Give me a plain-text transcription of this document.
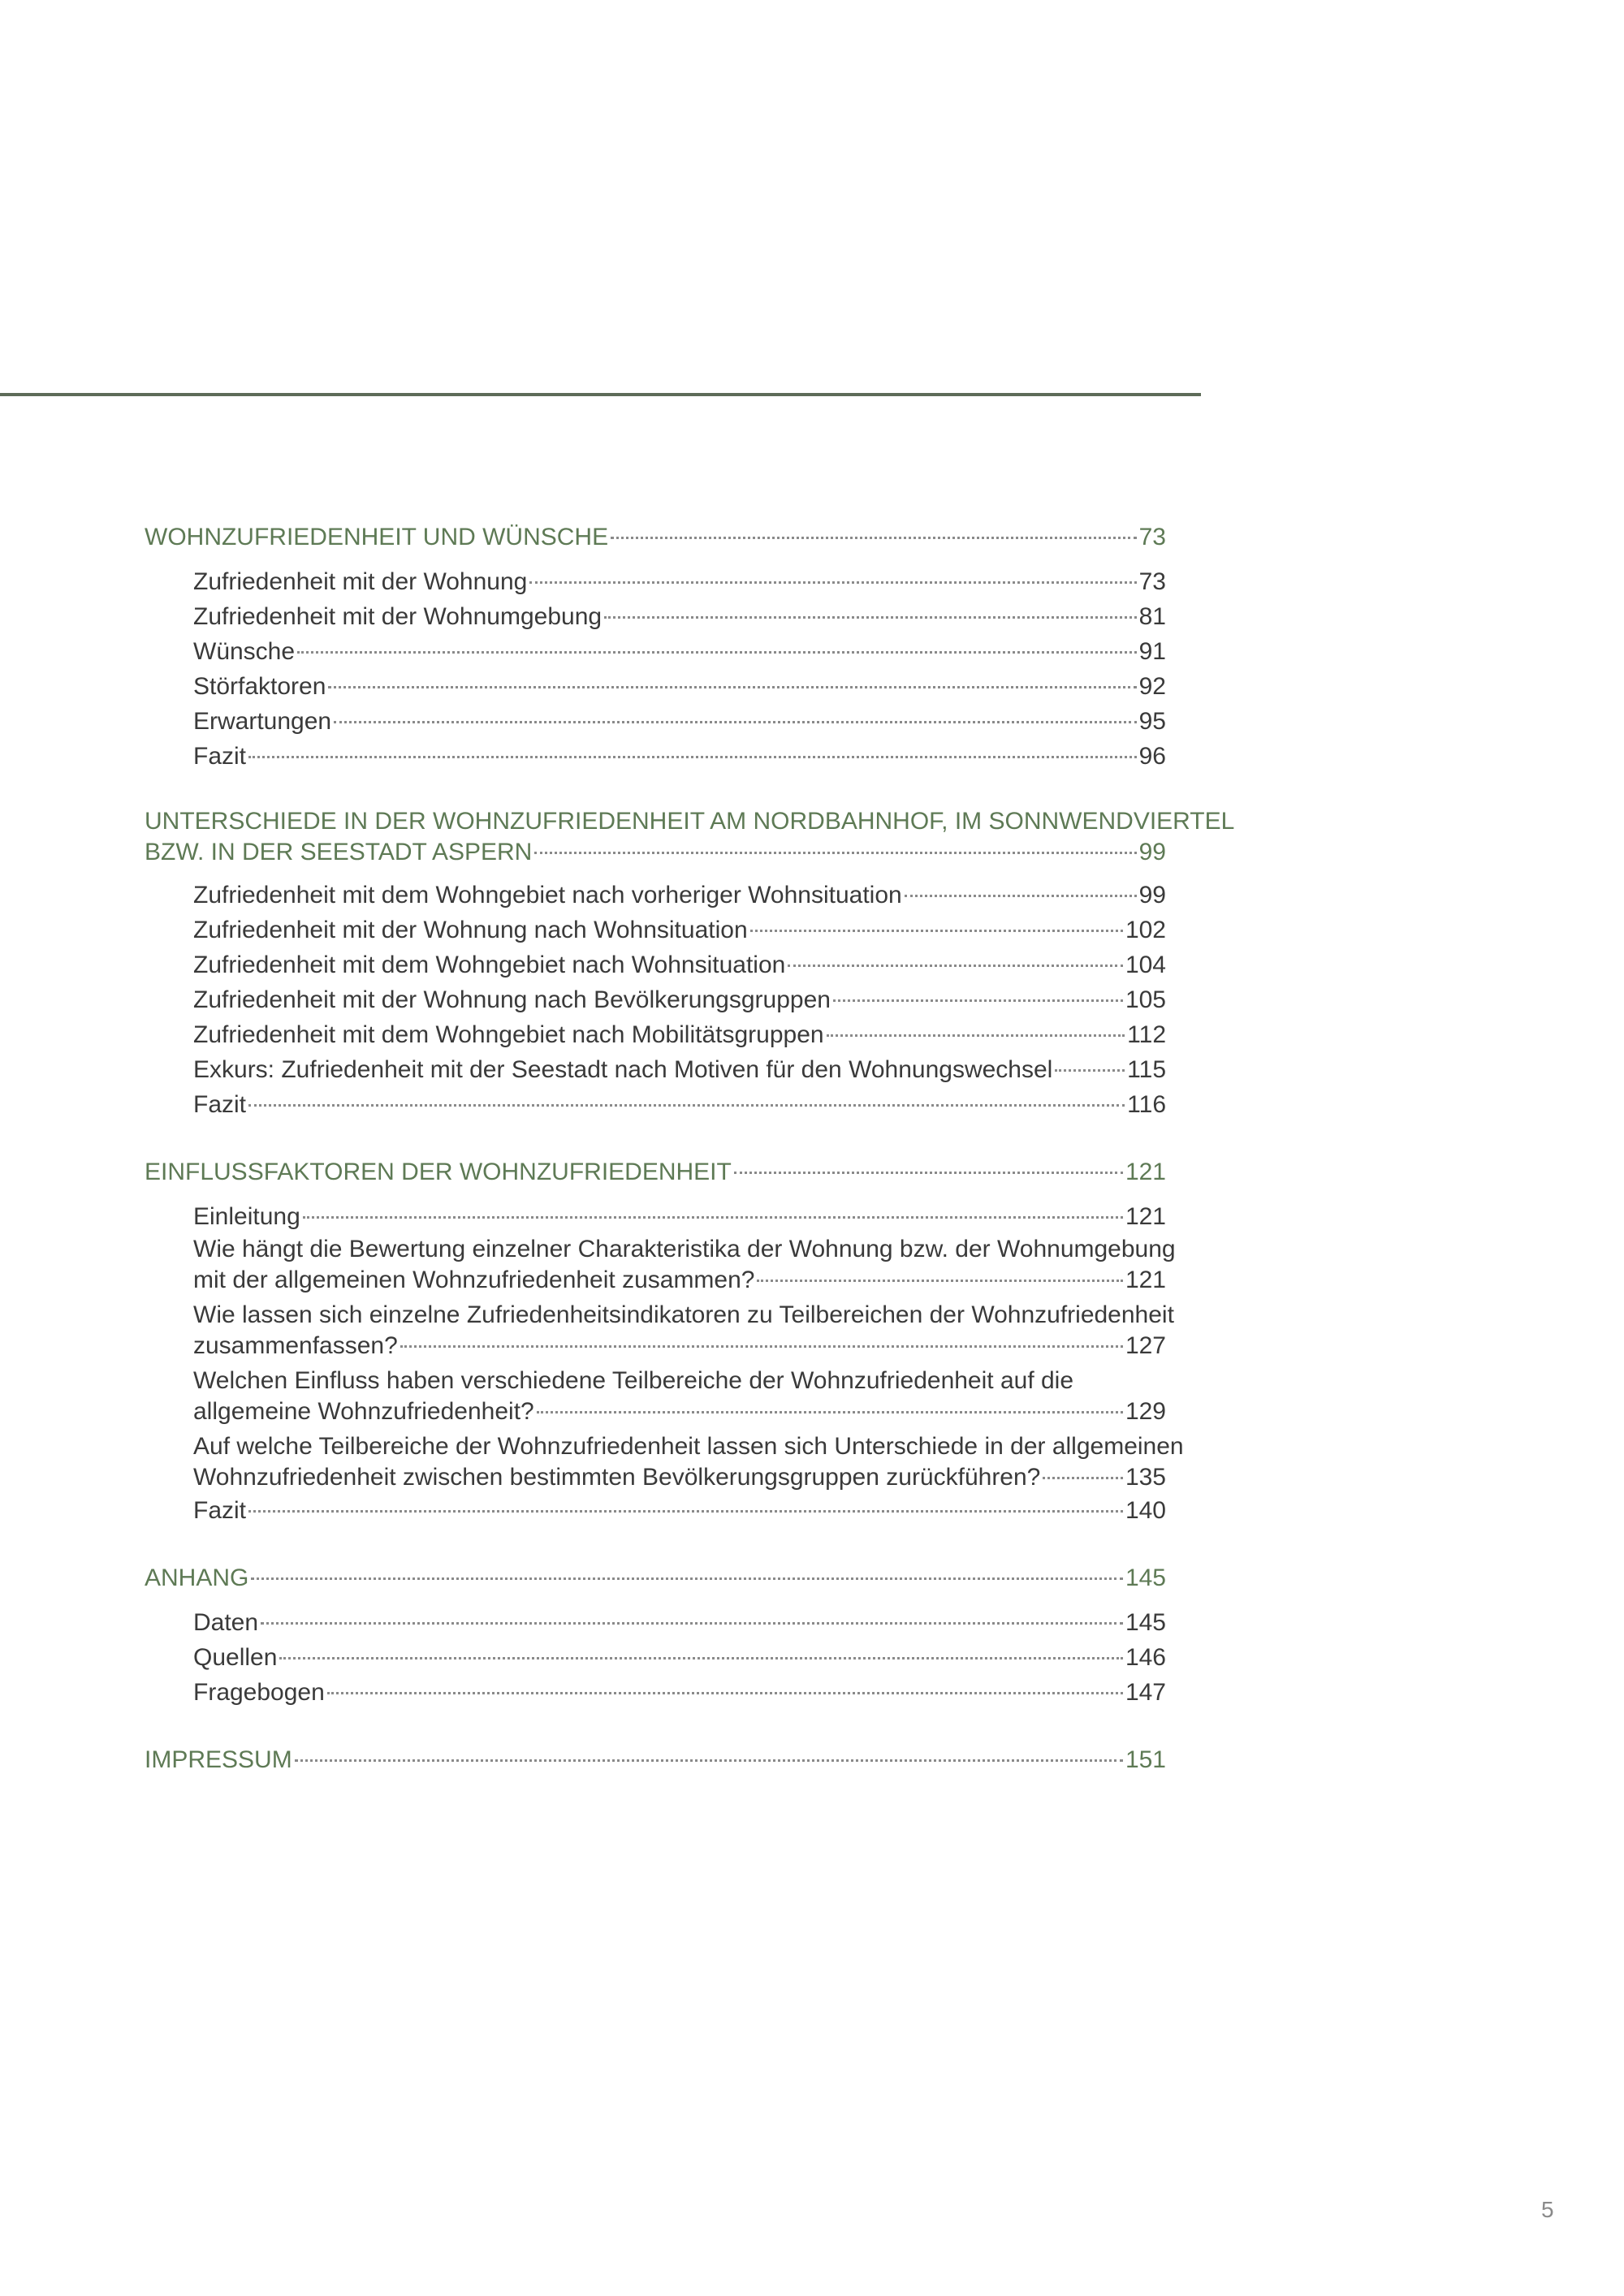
WOHNZUFRIEDENHEIT UND WÜNSCHE	73
Zufriedenheit mit der Wohnung	73
Zufriedenheit mit der Wohnumgebung	81
Wünsche	91
Störfaktoren	92
Erwartungen	95
Fazit	96
UNTERSCHIEDE IN DER WOHNZUFRIEDENHEIT AM NORDBAHNHOF, IM SONNWENDVIERTEL
BZW. IN DER SEESTADT ASPERN	99
Zufriedenheit mit dem Wohngebiet nach vorheriger Wohnsituation	99
Zufriedenheit mit der Wohnung nach Wohnsituation	102
Zufriedenheit mit dem Wohngebiet nach Wohnsituation	104
Zufriedenheit mit der Wohnung nach Bevölkerungsgruppen	105
Zufriedenheit mit dem Wohngebiet nach Mobilitätsgruppen	112
Exkurs: Zufriedenheit mit der Seestadt nach Motiven für den Wohnungswechsel	115
Fazit	116
EINFLUSSFAKTOREN DER WOHNZUFRIEDENHEIT	121
Einleitung	121
Wie hängt die Bewertung einzelner Charakteristika der Wohnung bzw. der Wohnumgebung
mit der allgemeinen Wohnzufriedenheit zusammen?	121
Wie lassen sich einzelne Zufriedenheitsindikatoren zu Teilbereichen der Wohnzufriedenheit
zusammenfassen?	127
Welchen Einfluss haben verschiedene Teilbereiche der Wohnzufriedenheit auf die
allgemeine Wohnzufriedenheit?	129
Auf welche Teilbereiche der Wohnzufriedenheit lassen sich Unterschiede in der allgemeinen
Wohnzufriedenheit zwischen bestimmten Bevölkerungsgruppen zurückführen?	135
Fazit	140
ANHANG	145
Daten	145
Quellen	146
Fragebogen	147
IMPRESSUM	151
5
